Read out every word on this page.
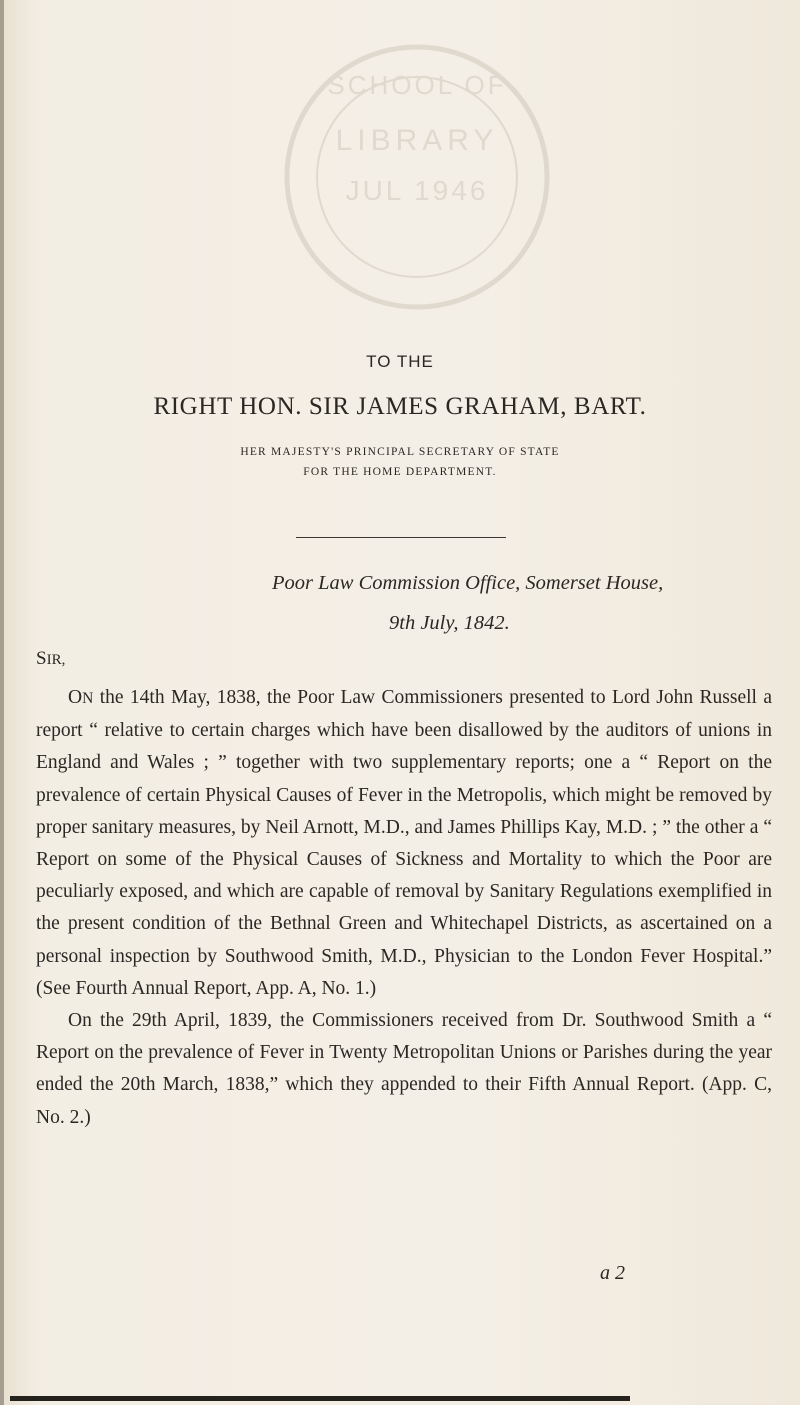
SCHOOL OF
LIBRARY
JUL 1946
TO THE
RIGHT HON. SIR JAMES GRAHAM, BART.
HER MAJESTY'S PRINCIPAL SECRETARY OF STATE
FOR THE HOME DEPARTMENT.
Poor Law Commission Office, Somerset House,
9th July, 1842.
SIR,

ON the 14th May, 1838, the Poor Law Commissioners presented to Lord John Russell a report “ relative to certain charges which have been disallowed by the auditors of unions in England and Wales ; ” together with two supplementary reports; one a “ Report on the prevalence of certain Physical Causes of Fever in the Metropolis, which might be removed by proper sanitary measures, by Neil Arnott, M.D., and James Phillips Kay, M.D. ; ” the other a “ Report on some of the Physical Causes of Sickness and Mortality to which the Poor are peculiarly exposed, and which are capable of removal by Sanitary Regulations exemplified in the present condition of the Bethnal Green and Whitechapel Districts, as ascertained on a personal inspection by Southwood Smith, M.D., Physician to the London Fever Hospital.” (See Fourth Annual Report, App. A, No. 1.)

On the 29th April, 1839, the Commissioners received from Dr. Southwood Smith a “ Report on the prevalence of Fever in Twenty Metropolitan Unions or Parishes during the year ended the 20th March, 1838,” which they appended to their Fifth Annual Report. (App. C, No. 2.)

a 2
